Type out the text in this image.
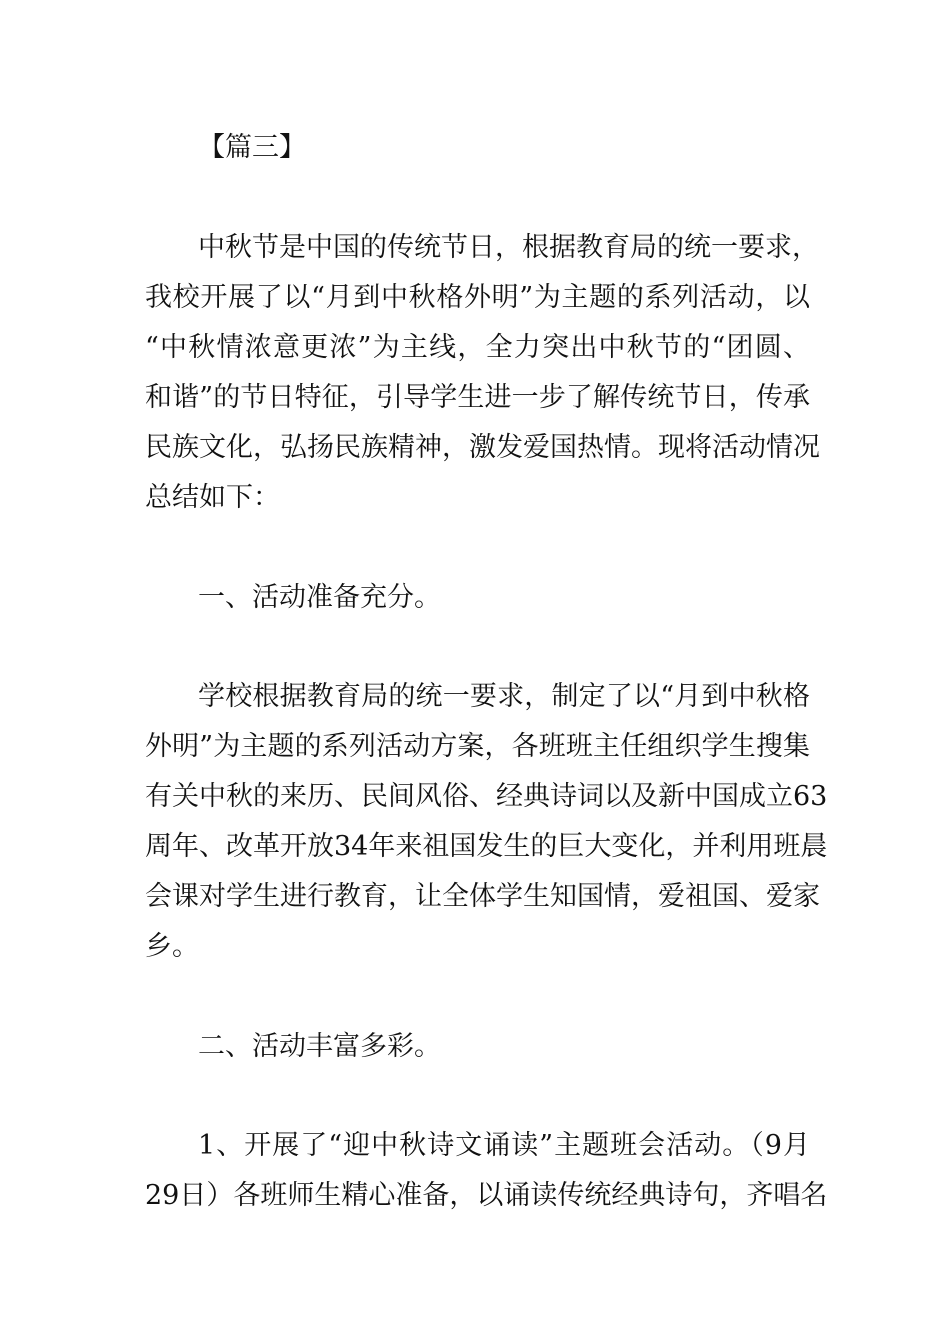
【篇三】
中秋节是中国的传统节日，根据教育局的统一要求，
我校开展了以“月到中秋格外明”为主题的系列活动，以
“中秋情浓意更浓”为主线，全力突出中秋节的“团圆、
和谐”的节日特征，引导学生进一步了解传统节日，传承
民族文化，弘扬民族精神，激发爱国热情。现将活动情况
总结如下：
一、活动准备充分。
学校根据教育局的统一要求，制定了以“月到中秋格
外明”为主题的系列活动方案，各班班主任组织学生搜集
有关中秋的来历、民间风俗、经典诗词以及新中国成立63
周年、改革开放34年来祖国发生的巨大变化，并利用班晨
会课对学生进行教育，让全体学生知国情，爱祖国、爱家
乡。
二、活动丰富多彩。
1、开展了“迎中秋诗文诵读”主题班会活动。（9月
29日）各班师生精心准备，以诵读传统经典诗句，齐唱名
